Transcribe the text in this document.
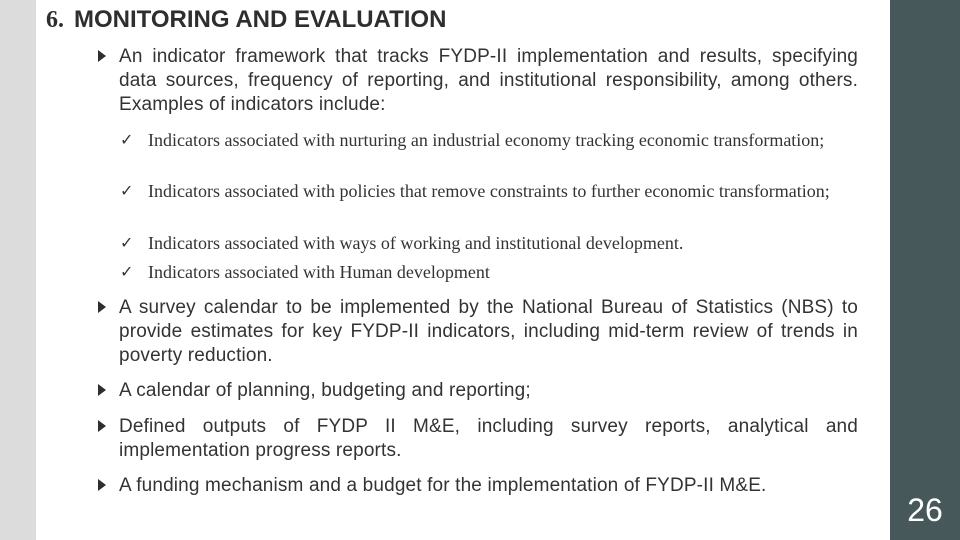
26
6. MONITORING AND EVALUATION
An indicator framework that tracks FYDP-II implementation and results, specifying data sources, frequency of reporting, and institutional responsibility, among others. Examples of indicators include:
✓ Indicators associated with nurturing an industrial economy tracking economic transformation;
✓ Indicators associated with policies that remove constraints to further economic transformation;
✓ Indicators associated with ways of working and institutional development.
✓ Indicators associated with Human development
A survey calendar to be implemented by the National Bureau of Statistics (NBS) to provide estimates for key FYDP-II indicators, including mid-term review of trends in poverty reduction.
A calendar of planning, budgeting and reporting;
Defined outputs of FYDP II M&E, including survey reports, analytical and implementation progress reports.
A funding mechanism and a budget for the implementation of FYDP-II M&E.
